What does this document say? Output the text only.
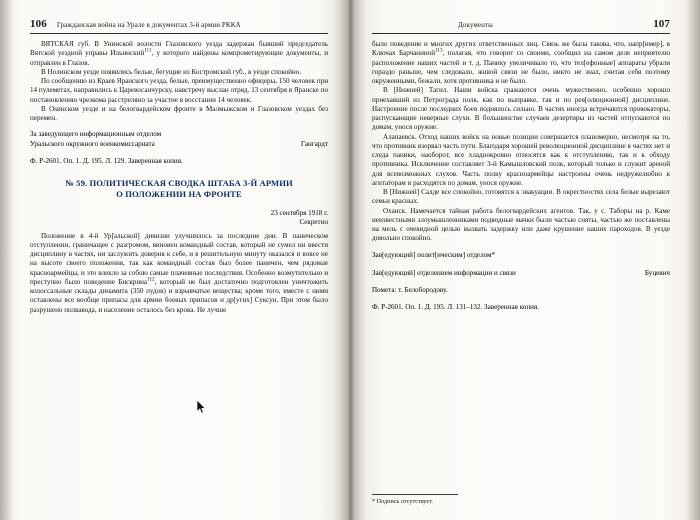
106 Гражданская война на Урале в документах 3-й армии РККА

ВЯТСКАЯ губ. В Унинской волости Глазовского уезда задержан бывший председатель Вятской уездной управы Ильинский$^{111}$, у которого найдены компрометирующие документы, и отправлен в Глазов.

В Нолинском уезде появились белые, бегущие из Костромской губ., в уезде спокойно.

По сообщению из Краев Яранского уезда, белые, преимущественно офицеры, 150 человек при 14 пулеметах, направились к Царевосанчурску, навстречу выслан отряд. 13 сентября в Яранске по постановлению чрезкома расстреляно за участие в восстании 14 человек.

В Osинском уезде и на белогвардейском фронте в Малмыжском и Глазовском уездах без перемен.

За заведующего информационным отделом
Уральского окружного военкомиссариата	Гангардт
Ф. Р-2601. Оп. 1. Д. 195. Л. 129. Заверенная копия.
№ 59. ПОЛИТИЧЕСКАЯ СВОДКА ШТАБА 3-Й АРМИИ
О ПОЛОЖЕНИИ НА ФРОНТЕ
23 сентября 1918 г.
Секретно

Положение в 4-й Ур[альской] дивизии улучшилось за последние дни. В паническом отступлении, граничащее с разгромом, виновен командный состав, который не сумел ни ввести дисциплину в частях, ни заслужить доверия к себе, и в решительную минуту оказался и вовсе не на высоте своего положения, так как командный состав был более паничен, чем рядовые красноармейцы, и это влекло за собою самые плачевные последствия. Особенно возмутительно и преступно было поведение Бискрина$^{112}$, который не был достаточно подготовлен уничтожить колоссальные склады динамита (350 пудов) и взрывчатые вещества; кроме того, вместе с ними оставлены все вообще припасы для армии боевых припасов и др[угих] Суксун. При этом было разрушено полвавода, и население осталось без крова. Не лучше

Документы	107

было поведение и многих других ответственных лиц. Связь же была такова, что, напр[имер], в Ключах Барчаниной$^{113}$, полагая, что говорит со своими, сообщил на самом деле неприятелю расположение наших частей и т. д. Панику увеличивало то, что тел[ефонные] аппараты убрали гораздо раньше, чем следовало, живой связи не было, никто не знал, считая себя поэтому окруженными, бежали, хотя противника и не было.

В [Нижней] Тагил. Наши войска сражаются очень мужественно, особенно хорошо приехавший из Петрограда полк, как по выправке, так и по рев[олюционной] дисциплине. Настроение после последних боев поднялось сильно. В частях иногда встречаются провокаторы, распускающие неверные слухи. В большинстве случаев дезертиры из частей отпускаются по домам, унося оружие.

Алапаевск. Отход наших войск на новые позиции совершается планомерно, несмотря на то, что противник взорвал часть пути. Благодаря хорошей революционной дисциплине в частях нет и следа паники, наоборот, все хладнокровно относятся как к отступлению, так и к обходу противника. Исключение составляет 3-й Камышловский полк, который только и служит ареной для всевозможных слухов. Часть полку красноармейцы настроены очень недружелюбно к агитаторам и расходятся по домам, унося оружие.

В [Нижней] Салде все спокойно, готовятся к эвакуации. В окрестностях села белые вырезают семьи красных.

Оханск. Намечается тайная работа белогвардейских агентов. Так, у с. Таборы на р. Каме неизвестными злоумышленниками подводные мачки были частью сняты, частью же поставлены на мель с очевидной целью вызвать задержку или даже крушение наших пароходов. В уезде довольно спокойно.

Зав[едующий] полит[ическим] отделом*
Зав[едующий] отделением информации и связи	Буцевич
Помета: т. Белобородову.
Ф. Р-2601. Оп. 1. Д. 195. Л. 131–132. Заверенная копия.
* Подпись отсутствует.
